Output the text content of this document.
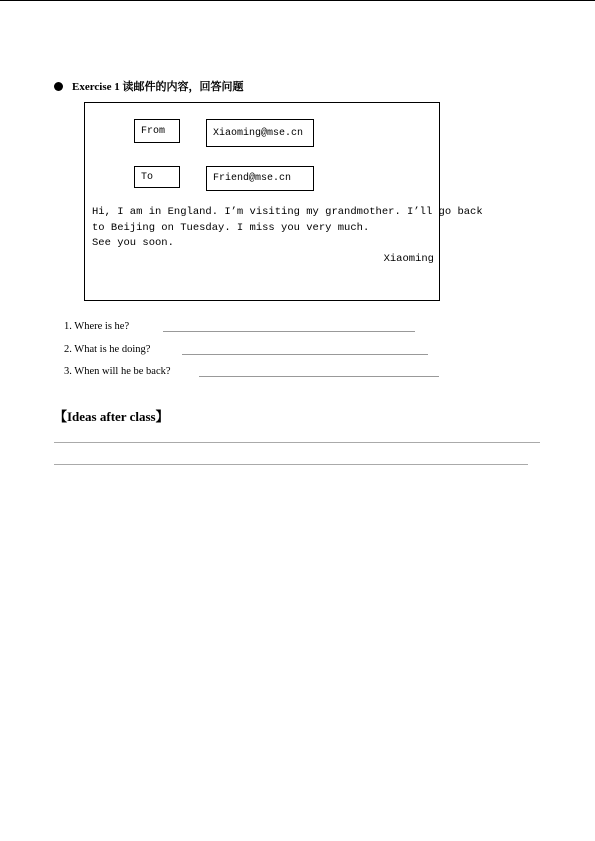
Exercise 1 读邮件的内容，回答问题
From	Xiaoming@mse.cn
To	Friend@mse.cn
Hi, I am in England. I’m visiting my grandmother. I’ll go back
to Beijing on Tuesday. I miss you very much.
See you soon.
Xiaoming
1. Where is he?
2. What is he doing?
3. When will he be back?
【Ideas after class】
